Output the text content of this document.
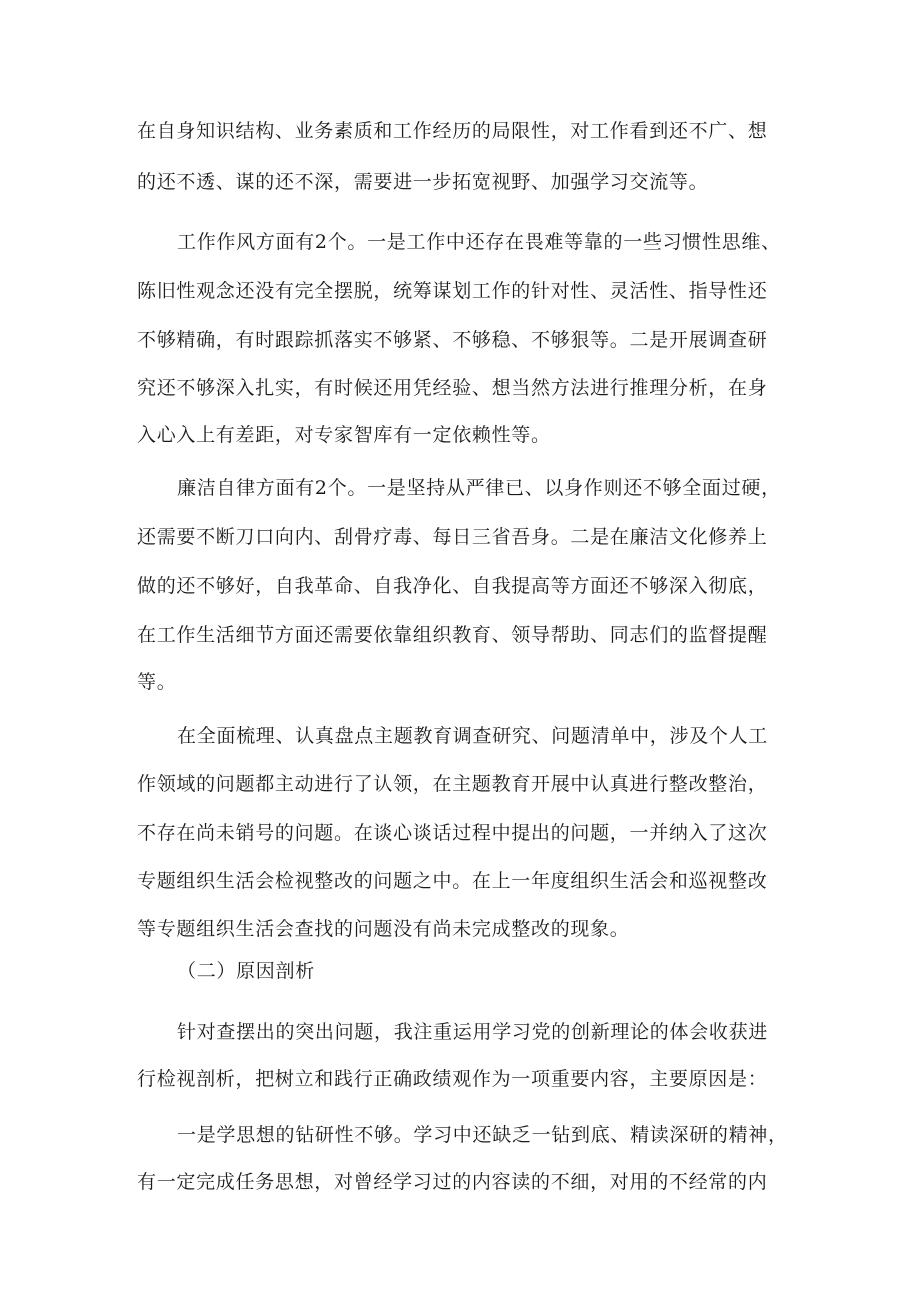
在自身知识结构、业务素质和工作经历的局限性，对工作看到还不广、想
的还不透、谋的还不深，需要进一步拓宽视野、加强学习交流等。
工作作风方面有2个。一是工作中还存在畏难等靠的一些习惯性思维、
陈旧性观念还没有完全摆脱，统筹谋划工作的针对性、灵活性、指导性还
不够精确，有时跟踪抓落实不够紧、不够稳、不够狠等。二是开展调查研
究还不够深入扎实，有时候还用凭经验、想当然方法进行推理分析，在身
入心入上有差距，对专家智库有一定依赖性等。
廉洁自律方面有2个。一是坚持从严律已、以身作则还不够全面过硬，
还需要不断刀口向内、刮骨疗毒、每日三省吾身。二是在廉洁文化修养上
做的还不够好，自我革命、自我净化、自我提高等方面还不够深入彻底，
在工作生活细节方面还需要依靠组织教育、领导帮助、同志们的监督提醒
等。
在全面梳理、认真盘点主题教育调查研究、问题清单中，涉及个人工
作领域的问题都主动进行了认领，在主题教育开展中认真进行整改整治，
不存在尚未销号的问题。在谈心谈话过程中提出的问题，一并纳入了这次
专题组织生活会检视整改的问题之中。在上一年度组织生活会和巡视整改
等专题组织生活会查找的问题没有尚未完成整改的现象。
（二）原因剖析
针对查摆出的突出问题，我注重运用学习党的创新理论的体会收获进
行检视剖析，把树立和践行正确政绩观作为一项重要内容，主要原因是：
一是学思想的钻研性不够。学习中还缺乏一钻到底、精读深研的精神，
有一定完成任务思想，对曾经学习过的内容读的不细，对用的不经常的内
